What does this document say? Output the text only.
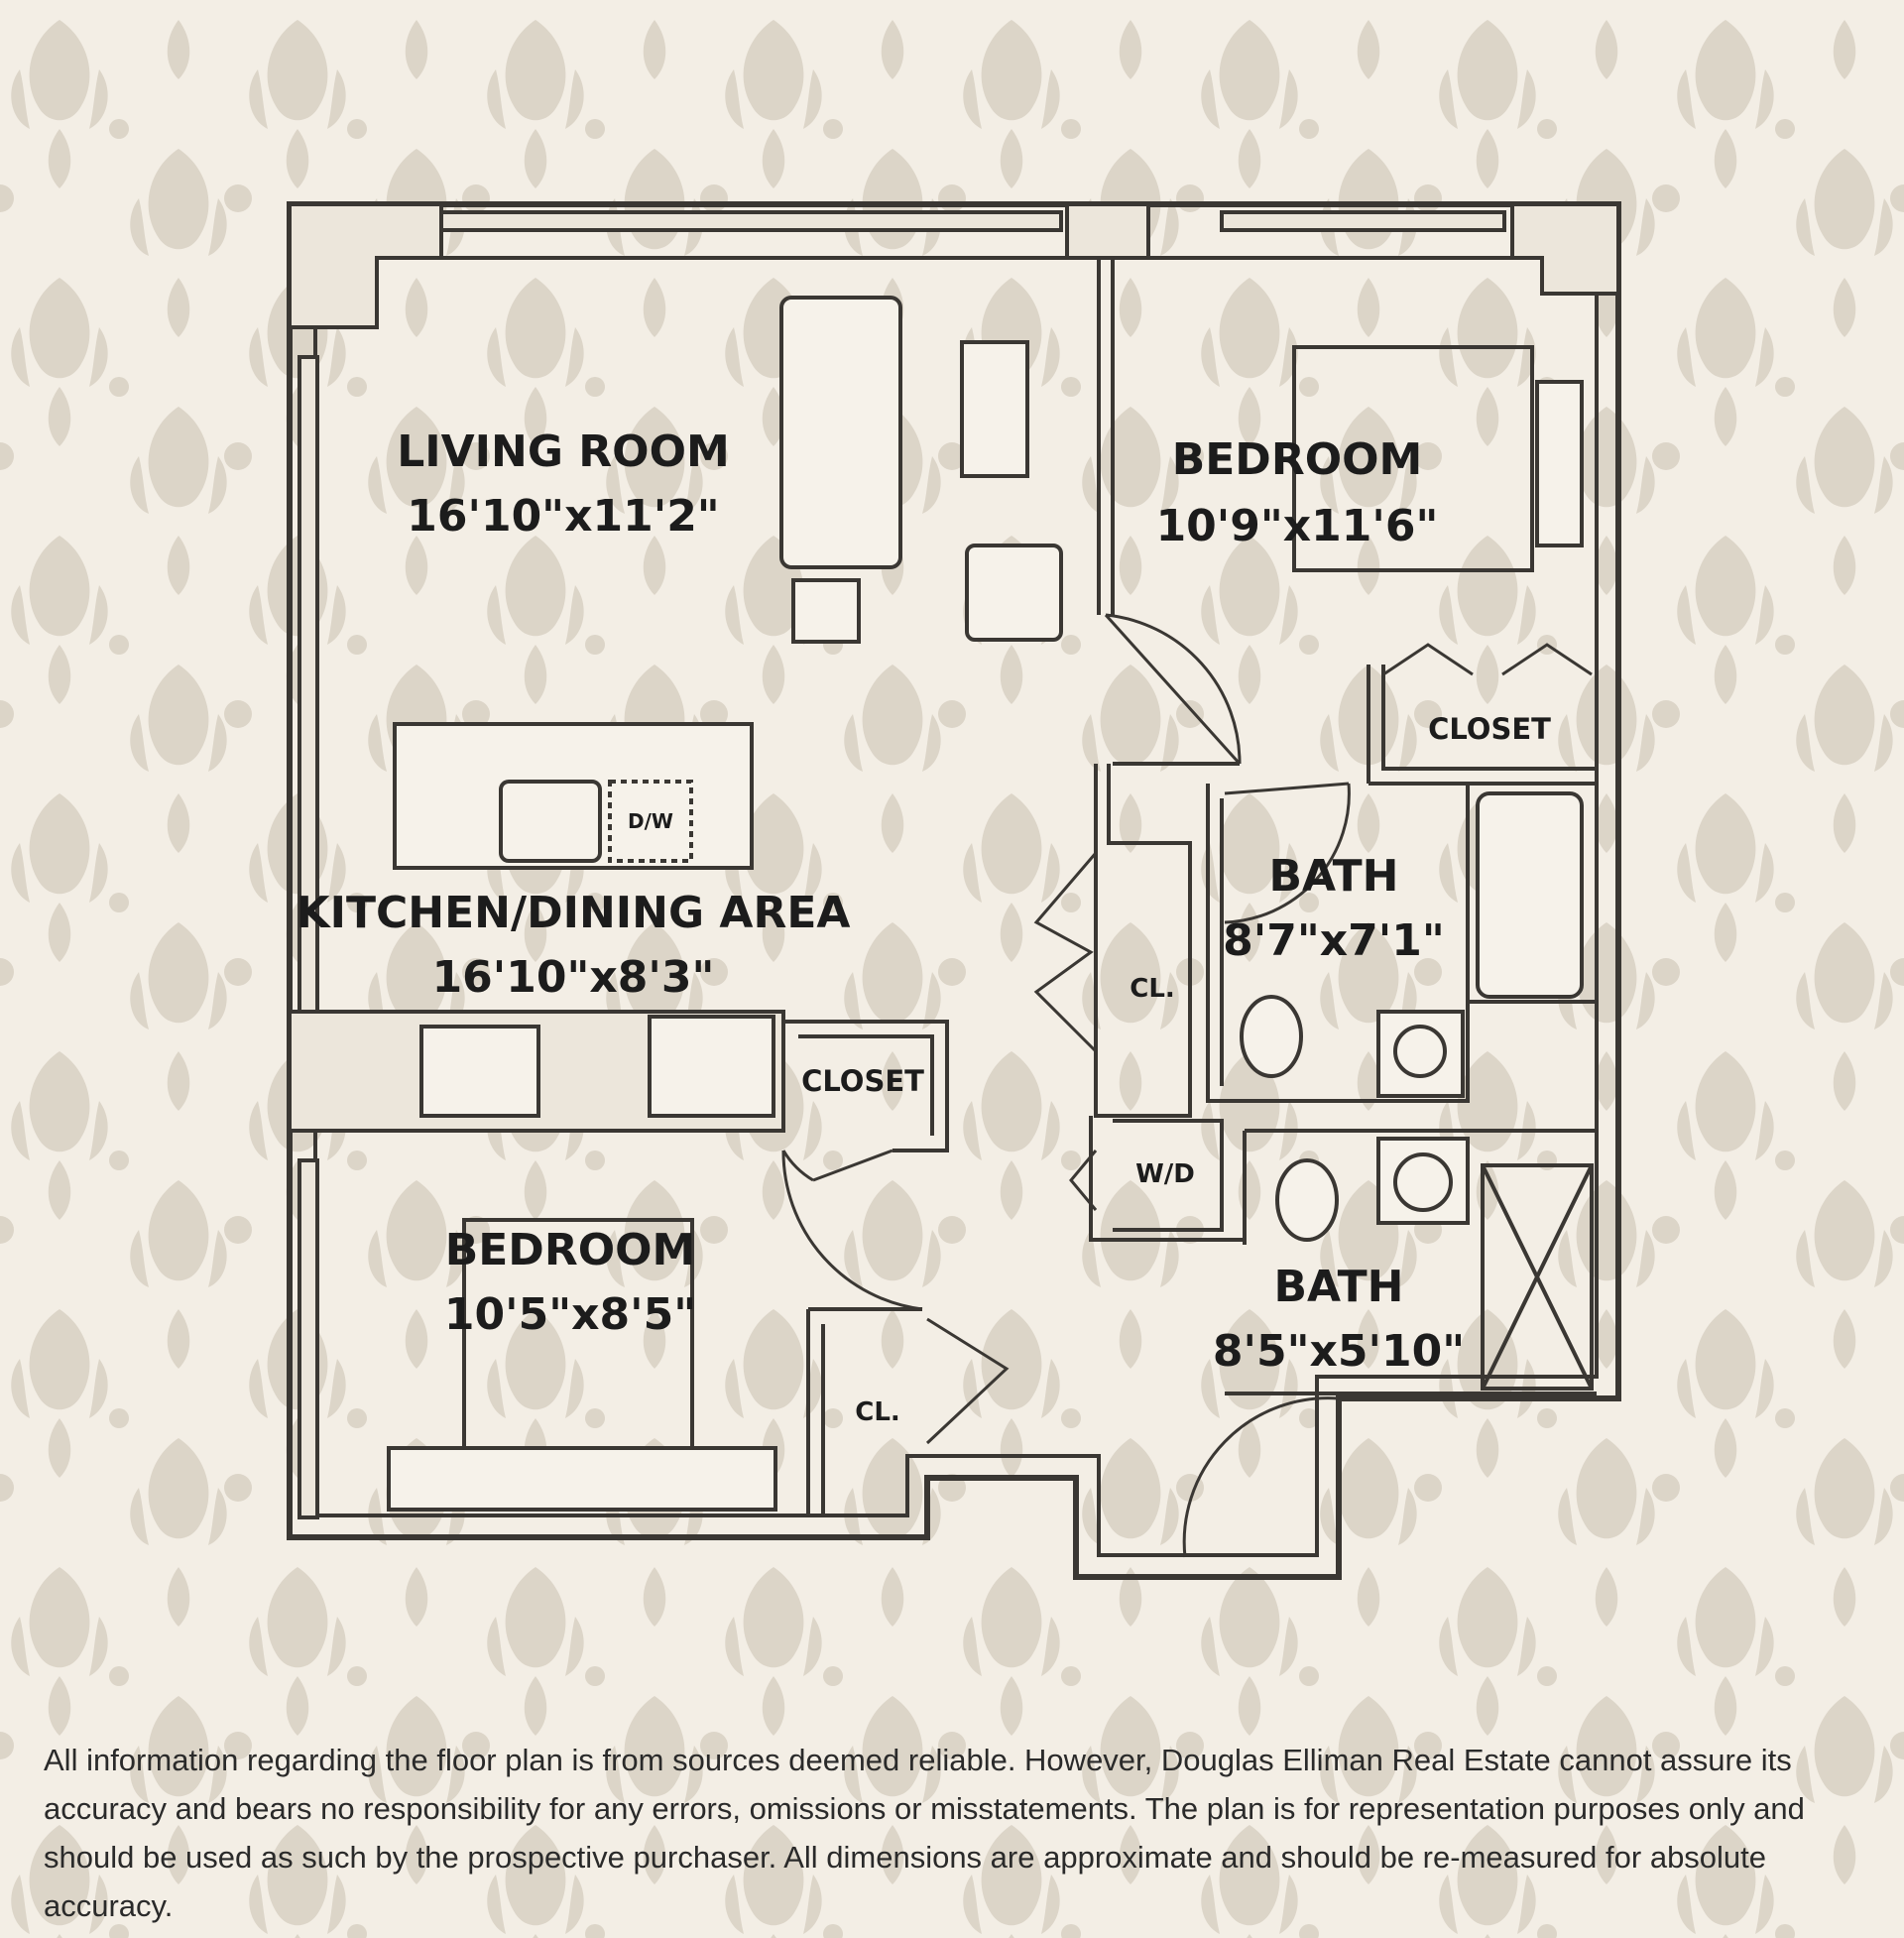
LIVING ROOM
16'10"x11'2"
BEDROOM
10'9"x11'6"
CLOSET
D/W
KITCHEN/DINING AREA
16'10"x8'3"
BATH
8'7"x7'1"
CL.
CLOSET
W/D
BEDROOM
10'5"x8'5"
BATH
8'5"x5'10"
CL.

All information regarding the floor plan is from sources deemed reliable. However, Douglas Elliman Real Estate cannot assure its accuracy and bears no responsibility for any errors, omissions or misstatements. The plan is for representation purposes only and should be used as such by the prospective purchaser. All dimensions are approximate and should be re-measured for absolute accuracy.
